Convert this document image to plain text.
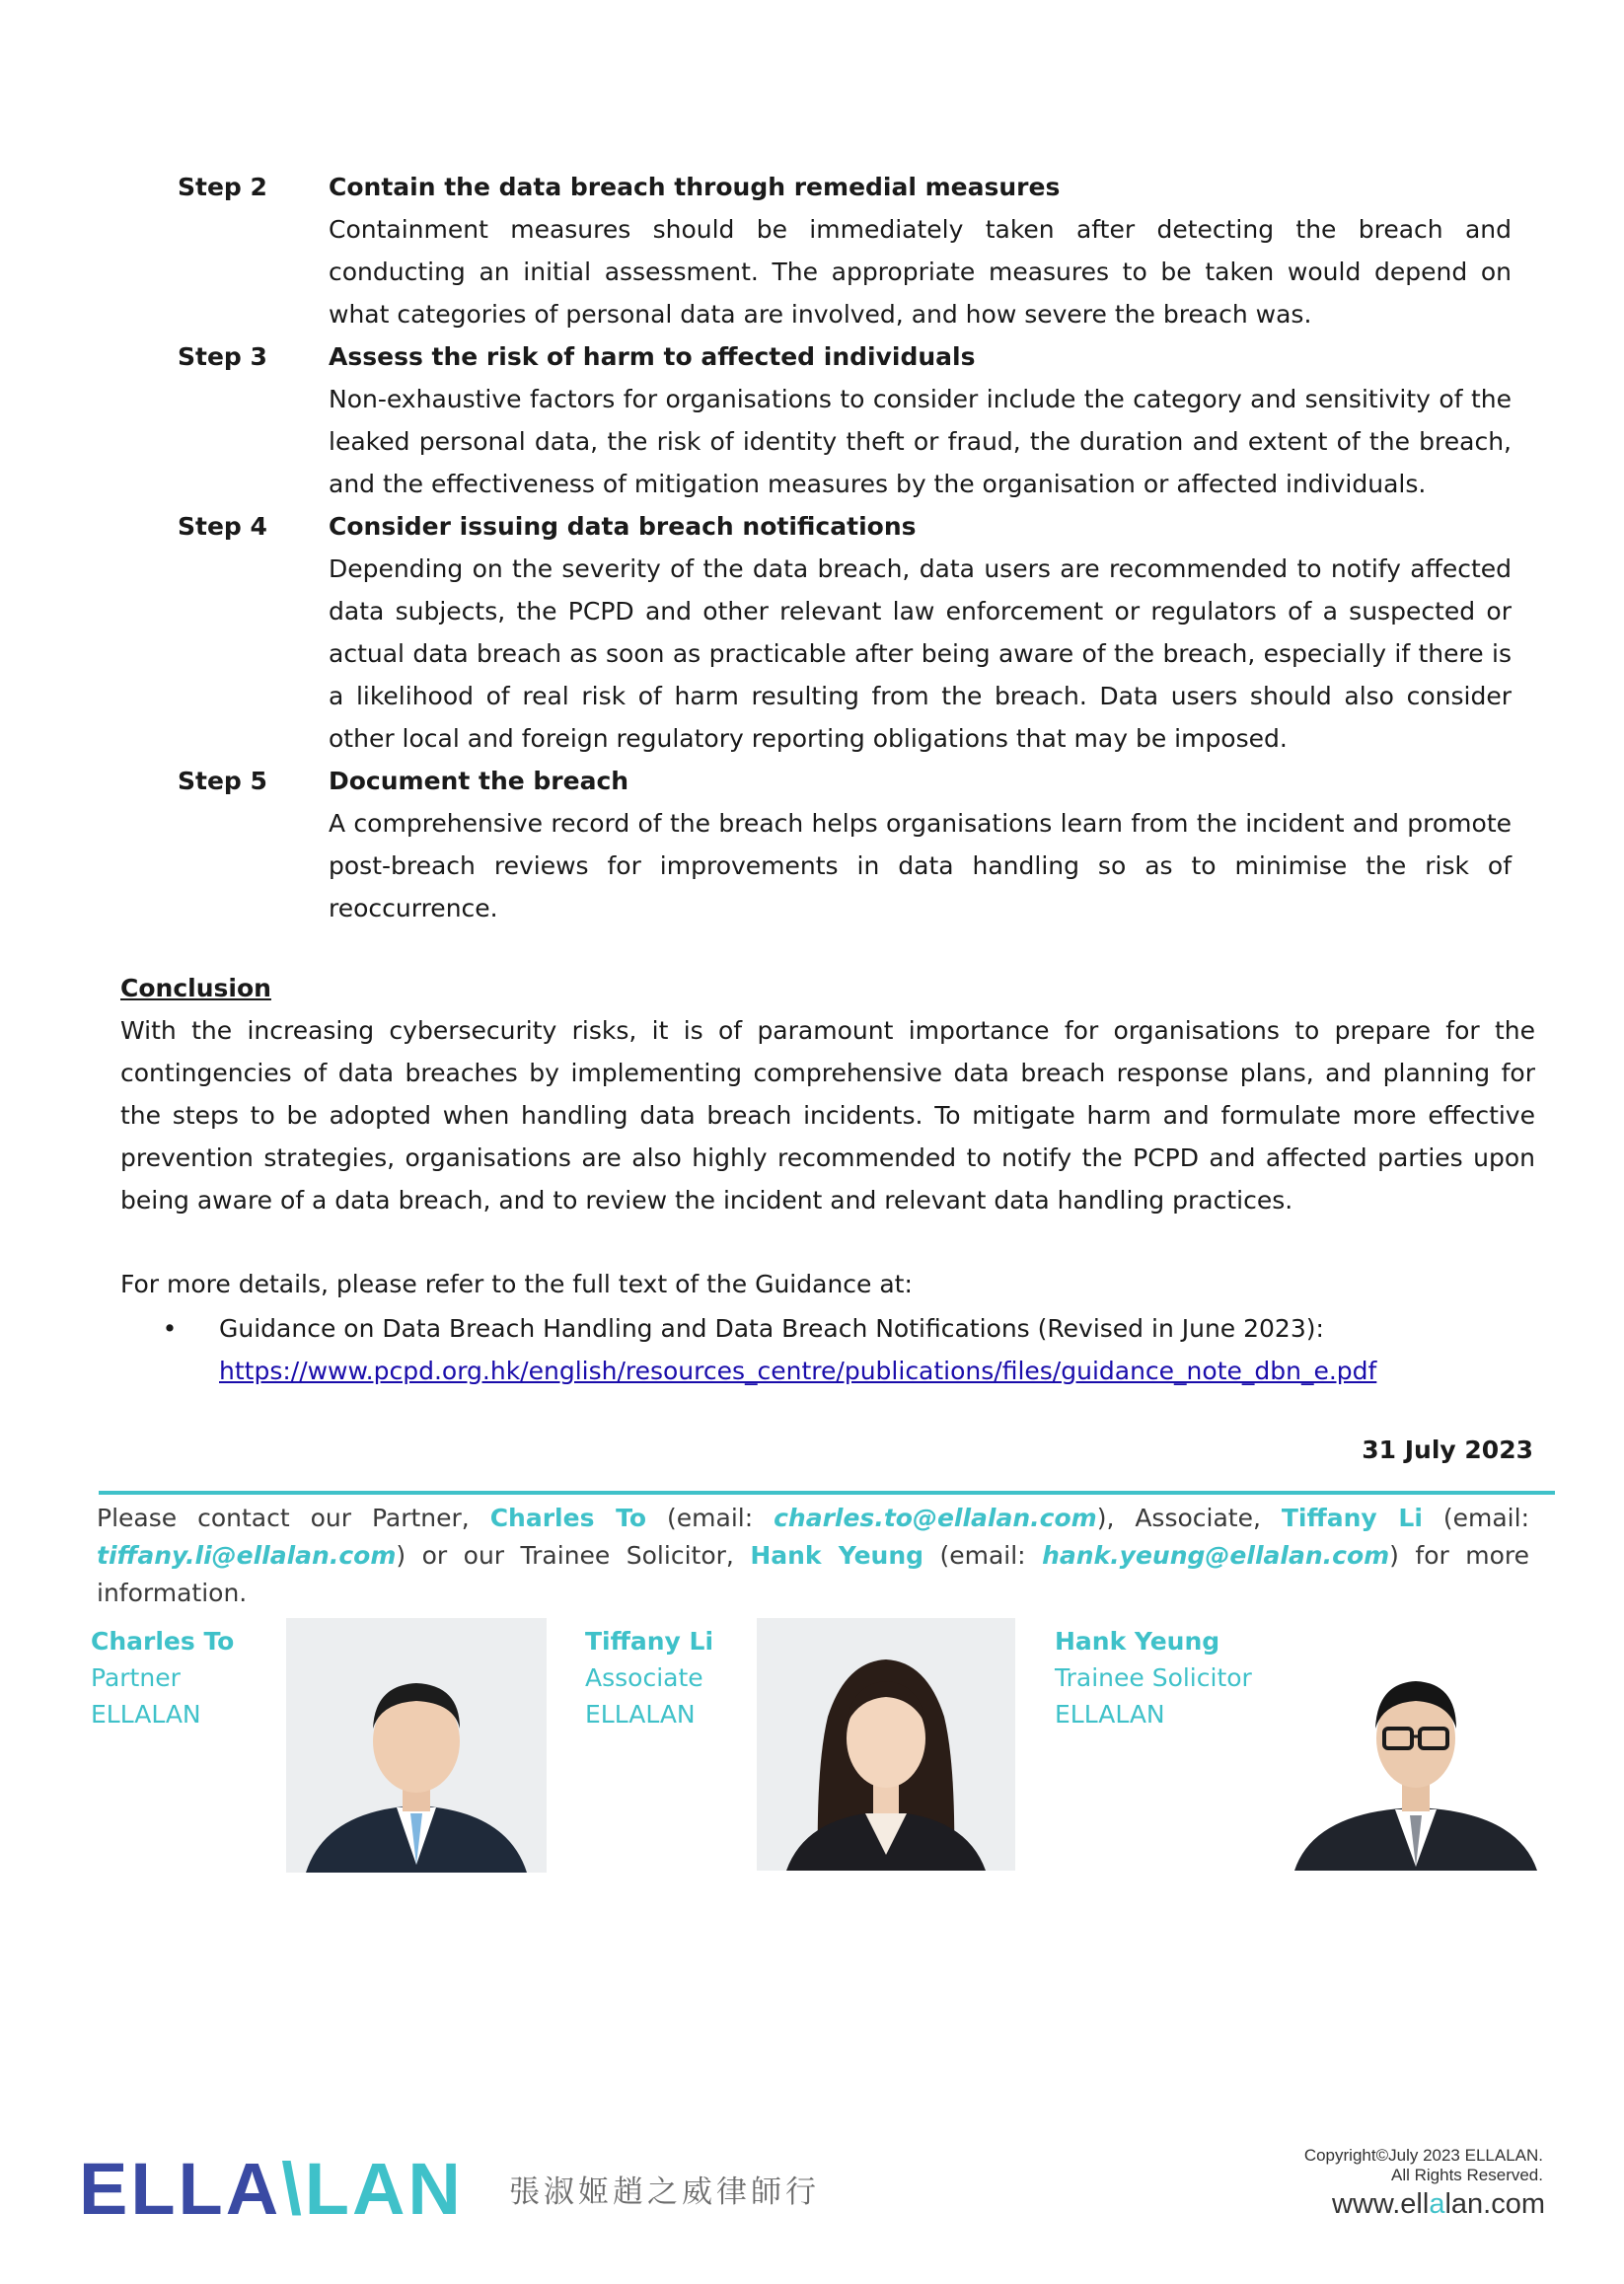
Step 2	Contain the data breach through remedial measures
Containment measures should be immediately taken after detecting the breach and conducting an initial assessment. The appropriate measures to be taken would depend on what categories of personal data are involved, and how severe the breach was.
Step 3	Assess the risk of harm to affected individuals
Non-exhaustive factors for organisations to consider include the category and sensitivity of the leaked personal data, the risk of identity theft or fraud, the duration and extent of the breach, and the effectiveness of mitigation measures by the organisation or affected individuals.
Step 4	Consider issuing data breach notifications
Depending on the severity of the data breach, data users are recommended to notify affected data subjects, the PCPD and other relevant law enforcement or regulators of a suspected or actual data breach as soon as practicable after being aware of the breach, especially if there is a likelihood of real risk of harm resulting from the breach. Data users should also consider other local and foreign regulatory reporting obligations that may be imposed.
Step 5	Document the breach
A comprehensive record of the breach helps organisations learn from the incident and promote post-breach reviews for improvements in data handling so as to minimise the risk of reoccurrence.
Conclusion
With the increasing cybersecurity risks, it is of paramount importance for organisations to prepare for the contingencies of data breaches by implementing comprehensive data breach response plans, and planning for the steps to be adopted when handling data breach incidents. To mitigate harm and formulate more effective prevention strategies, organisations are also highly recommended to notify the PCPD and affected parties upon being aware of a data breach, and to review the incident and relevant data handling practices.
For more details, please refer to the full text of the Guidance at:
•	Guidance on Data Breach Handling and Data Breach Notifications (Revised in June 2023):
https://www.pcpd.org.hk/english/resources_centre/publications/files/guidance_note_dbn_e.pdf
31 July 2023
Please contact our Partner, Charles To (email: charles.to@ellalan.com), Associate, Tiffany Li (email: tiffany.li@ellalan.com) or our Trainee Solicitor, Hank Yeung (email: hank.yeung@ellalan.com) for more information.
Charles To
Partner
ELLALAN
Tiffany Li
Associate
ELLALAN
Hank Yeung
Trainee Solicitor
ELLALAN
ELLA\LAN 張淑姬趙之威律師行
Copyright©July 2023 ELLALAN.
All Rights Reserved.
www.ellalan.com
